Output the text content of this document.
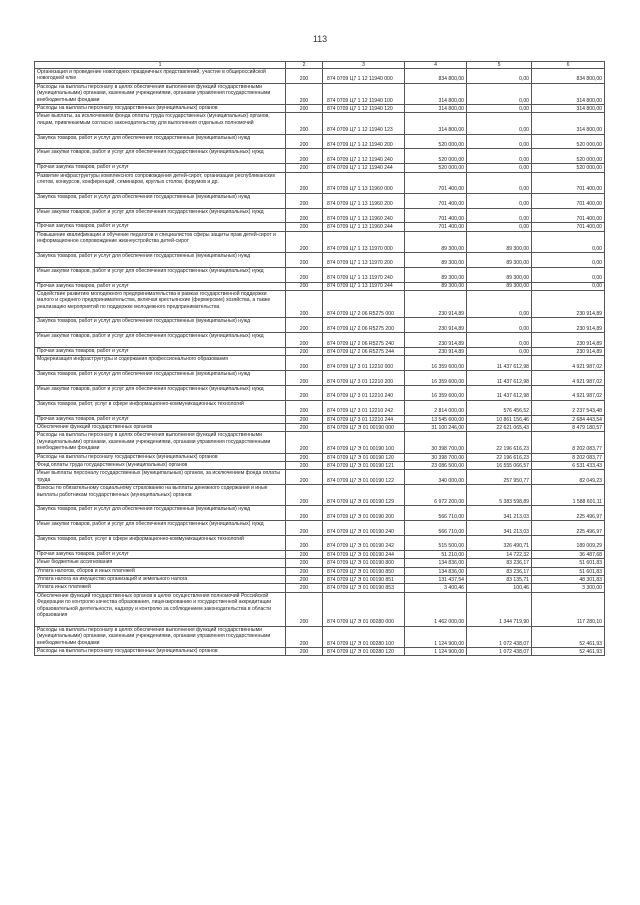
113
1	2	3	4	5	6
Организация и проведение новогодних праздничных представлений, участие в общероссийской новогодней елке	200	874 0709 Ц7 1 12 11940 000	834 800,00	0,00	834 800,00
Расходы на выплаты персоналу в целях обеспечения выполнения функций государственными (муниципальными) органами, казенными учреждениями, органами управления государственными внебюджетными фондами	200	874 0709 Ц7 1 12 11940 100	314 800,00	0,00	314 800,00
Расходы на выплаты персоналу государственных (муниципальных) органов	200	874 0709 Ц7 1 12 11940 120	314 800,00	0,00	314 800,00
Иные выплаты, за исключением фонда оплаты труда государственных (муниципальных) органов, лицам, привлекаемым согласно законодательству для выполнения отдельных полномочий	200	874 0709 Ц7 1 12 11940 123	314 800,00	0,00	314 800,00
Закупка товаров, работ и услуг для обеспечения государственных (муниципальных) нужд	200	874 0709 Ц7 1 12 11940 200	520 000,00	0,00	520 000,00
Иные закупки товаров, работ и услуг для обеспечения государственных (муниципальных) нужд	200	874 0709 Ц7 1 12 11940 240	520 000,00	0,00	520 000,00
Прочая закупка товаров, работ и услуг	200	874 0709 Ц7 1 12 11940 244	520 000,00	0,00	520 000,00
Развитие инфраструктуры комплексного сопровождения детей-сирот, организация республиканских слетов, конкурсов, конференций, семинаров, круглых столов, форумов и др.	200	874 0709 Ц7 1 13 11960 000	701 400,00	0,00	701 400,00
Закупка товаров, работ и услуг для обеспечения государственных (муниципальных) нужд	200	874 0709 Ц7 1 13 11960 200	701 400,00	0,00	701 400,00
Иные закупки товаров, работ и услуг для обеспечения государственных (муниципальных) нужд	200	874 0709 Ц7 1 13 11960 240	701 400,00	0,00	701 400,00
Прочая закупка товаров, работ и услуг	200	874 0709 Ц7 1 13 11960 244	701 400,00	0,00	701 400,00
Повышение квалификации и обучение педагогов и специалистов сферы защиты прав детей-сирот и информационное сопровождение жизнеустройства детей-сирот	200	874 0709 Ц7 1 13 11970 000	89 300,00	89 300,00	0,00
Закупка товаров, работ и услуг для обеспечения государственных (муниципальных) нужд	200	874 0709 Ц7 1 13 11970 200	89 300,00	89 300,00	0,00
Иные закупки товаров, работ и услуг для обеспечения государственных (муниципальных) нужд	200	874 0709 Ц7 1 13 11970 240	89 300,00	89 300,00	0,00
Прочая закупка товаров, работ и услуг	200	874 0709 Ц7 1 13 11970 244	89 300,00	89 300,00	0,00
Содействие развитию молодежного предпринимательства в рамках государственной поддержки малого и среднего предпринимательства, включая крестьянские (фермерские) хозяйства, а также реализацию мероприятий по поддержке молодежного предпринимательства	200	874 0709 Ц7 2 06 R5275 000	230 914,89	0,00	230 914,89
Закупка товаров, работ и услуг для обеспечения государственных (муниципальных) нужд	200	874 0709 Ц7 2 06 R5275 200	230 914,89	0,00	230 914,89
Иные закупки товаров, работ и услуг для обеспечения государственных (муниципальных) нужд	200	874 0709 Ц7 2 06 R5275 240	230 914,89	0,00	230 914,89
Прочая закупка товаров, работ и услуг	200	874 0709 Ц7 2 06 R5275 244	230 914,89	0,00	230 914,89
Модернизация инфраструктуры и содержания профессионального образования	200	874 0709 Ц7 3 01 12210 000	16 359 600,00	11 437 612,98	4 921 987,02
Закупка товаров, работ и услуг для обеспечения государственных (муниципальных) нужд	200	874 0709 Ц7 3 01 12210 200	16 359 600,00	11 437 612,98	4 921 987,02
Иные закупки товаров, работ и услуг для обеспечения государственных (муниципальных) нужд	200	874 0709 Ц7 3 01 12210 240	16 359 600,00	11 437 612,98	4 921 987,02
Закупка товаров, работ, услуг в сфере информационно-коммуникационных технологий	200	874 0709 Ц7 3 01 12210 242	2 814 000,00	576 456,52	2 237 543,48
Прочая закупка товаров, работ и услуг	200	874 0709 Ц7 3 01 12210 244	13 545 600,00	10 861 156,46	2 684 443,54
Обеспечение функций государственных органов	200	874 0709 Ц7 Э 01 00190 000	31 100 246,00	22 621 065,43	8 479 180,57
Расходы на выплаты персоналу в целях обеспечения выполнения функций государственными (муниципальными) органами, казенными учреждениями, органами управления государственными внебюджетными фондами	200	874 0709 Ц7 Э 01 00190 100	30 398 700,00	22 196 616,23	8 202 083,77
Расходы на выплаты персоналу государственных (муниципальных) органов	200	874 0709 Ц7 Э 01 00190 120	30 398 700,00	22 196 616,23	8 202 083,77
Фонд оплаты труда государственных (муниципальных) органов	200	874 0709 Ц7 Э 01 00190 121	23 086 500,00	16 555 066,57	6 531 433,43
Иные выплаты персоналу государственных (муниципальных) органов, за исключением фонда оплаты труда	200	874 0709 Ц7 Э 01 00190 122	340 000,00	257 950,77	82 049,23
Взносы по обязательному социальному страхованию на выплаты денежного содержания и иные выплаты работникам государственных (муниципальных) органов	200	874 0709 Ц7 Э 01 00190 129	6 972 200,00	5 383 598,89	1 588 601,11
Закупка товаров, работ и услуг для обеспечения государственных (муниципальных) нужд	200	874 0709 Ц7 Э 01 00190 200	566 710,00	341 213,03	225 496,97
Иные закупки товаров, работ и услуг для обеспечения государственных (муниципальных) нужд	200	874 0709 Ц7 Э 01 00190 240	566 710,00	341 213,03	225 496,97
Закупка товаров, работ, услуг в сфере информационно-коммуникационных технологий	200	874 0709 Ц7 Э 01 00190 242	515 500,00	326 490,71	189 009,29
Прочая закупка товаров, работ и услуг	200	874 0709 Ц7 Э 01 00190 244	51 210,00	14 722,32	36 487,68
Иные бюджетные ассигнования	200	874 0709 Ц7 Э 01 00190 800	134 836,00	83 236,17	51 601,83
Уплата налогов, сборов и иных платежей	200	874 0709 Ц7 Э 01 00190 850	134 836,00	83 236,17	51 601,83
Уплата налога на имущество организаций и земельного налога	200	874 0709 Ц7 Э 01 00190 851	131 437,54	83 135,71	48 301,83
Уплата иных платежей	200	874 0709 Ц7 Э 01 00190 853	3 400,46	100,46	3 300,00
Обеспечение функций государственных органов в целях осуществления полномочий Российской Федерации по контролю качества образования, лицензированию и государственной аккредитации образовательной деятельности, надзору и контролю за соблюдением законодательства в области образования	200	874 0709 Ц7 Э 01 00280 000	1 462 000,00	1 344 719,90	117 280,10
Расходы на выплаты персоналу в целях обеспечения выполнения функций государственными (муниципальными) органами, казенными учреждениями, органами управления государственными внебюджетными фондами	200	874 0709 Ц7 Э 01 00280 100	1 124 900,00	1 072 438,07	52 461,93
Расходы на выплаты персоналу государственных (муниципальных) органов	200	874 0709 Ц7 Э 01 00280 120	1 124 900,00	1 072 438,07	52 461,93
